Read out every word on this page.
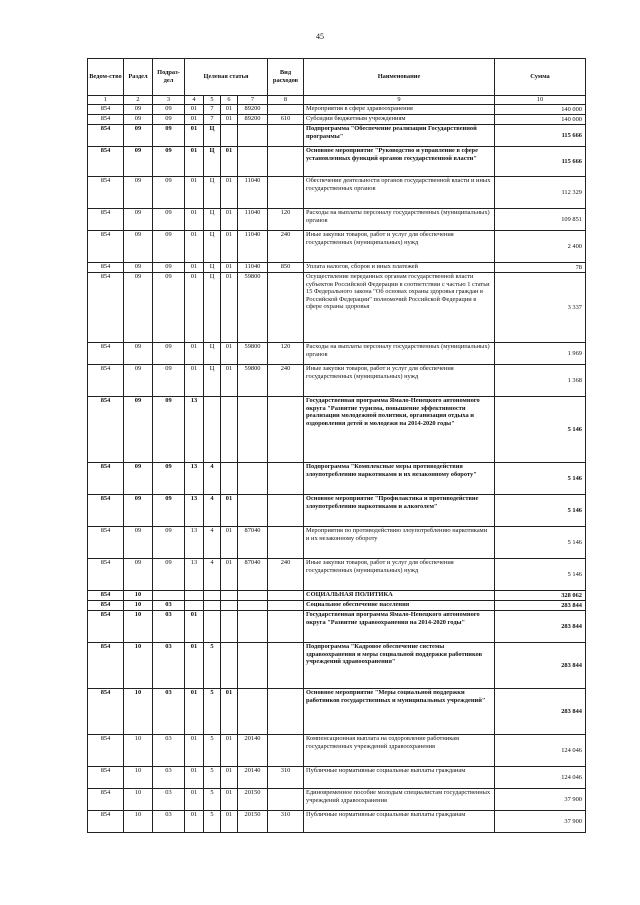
45
Ведом-ство	Раздел	Подраз-дел	Целевая статья				Вид расходов	Наименование	Сумма
1	2	3	4	5	6	7	8	9	10
854	09	09	01	7	01	89200		Мероприятия в сфере здравоохранения	140 000
854	09	09	01	7	01	89200	610	Субсидии бюджетным учреждениям	140 000
854	09	09	01	Ц				Подпрограмма "Обеспечение реализации Государственной программы"	115 666
854	09	09	01	Ц	01			Основное мероприятие "Руководство и управление в сфере установленных функций органов государственной власти"	115 666
854	09	09	01	Ц	01	11040		Обеспечение деятельности органов государственной власти и иных государственных органов	112 329
854	09	09	01	Ц	01	11040	120	Расходы на выплаты персоналу государственных (муниципальных) органов	109 851
854	09	09	01	Ц	01	11040	240	Иные закупки товаров, работ и услуг для обеспечения государственных (муниципальных) нужд	2 400
854	09	09	01	Ц	01	11040	850	Уплата налогов, сборов и иных платежей	78
854	09	09	01	Ц	01	59800		Осуществление переданных органам государственной власти субъектов Российской Федерации в соответствии с частью 1 статьи 15 Федерального закона "Об основах охраны здоровья граждан в Российской Федерации" полномочий Российской Федерации в сфере охраны здоровья	3 337
854	09	09	01	Ц	01	59800	120	Расходы на выплаты персоналу государственных (муниципальных) органов	1 969
854	09	09	01	Ц	01	59800	240	Иные закупки товаров, работ и услуг для обеспечения государственных (муниципальных) нужд	1 368
854	09	09	13					Государственная программа Ямало-Ненецкого автономного округа "Развитие туризма, повышение эффективности реализации молодежной политики, организация отдыха и оздоровления детей и молодежи на 2014-2020 годы"	5 146
854	09	09	13	4				Подпрограмма "Комплексные меры противодействия злоупотреблению наркотиками и их незаконному обороту"	5 146
854	09	09	13	4	01			Основное мероприятие "Профилактика и противодействие злоупотреблению наркотиками и алкоголем"	5 146
854	09	09	13	4	01	87040		Мероприятия по противодействию злоупотреблению наркотиками и их незаконному обороту	5 146
854	09	09	13	4	01	87040	240	Иные закупки товаров, работ и услуг для обеспечения государственных (муниципальных) нужд	5 146
854	10							СОЦИАЛЬНАЯ ПОЛИТИКА	328 062
854	10	03						Социальное обеспечение населения	283 844
854	10	03	01					Государственная программа Ямало-Ненецкого автономного округа "Развитие здравоохранения на 2014-2020 годы"	283 844
854	10	03	01	5				Подпрограмма "Кадровое обеспечение системы здравоохранения и меры социальной поддержки работников учреждений здравоохранения"	283 844
854	10	03	01	5	01			Основное мероприятие "Меры социальной поддержки работников государственных и муниципальных учреждений"	283 844
854	10	03	01	5	01	20140		Компенсационная выплата на оздоровление работникам государственных учреждений здравоохранения	124 046
854	10	03	01	5	01	20140	310	Публичные нормативные социальные выплаты гражданам	124 046
854	10	03	01	5	01	20150		Единовременное пособие молодым специалистам государственных учреждений здравоохранения	37 900
854	10	03	01	5	01	20150	310	Публичные нормативные социальные выплаты гражданам	37 900
